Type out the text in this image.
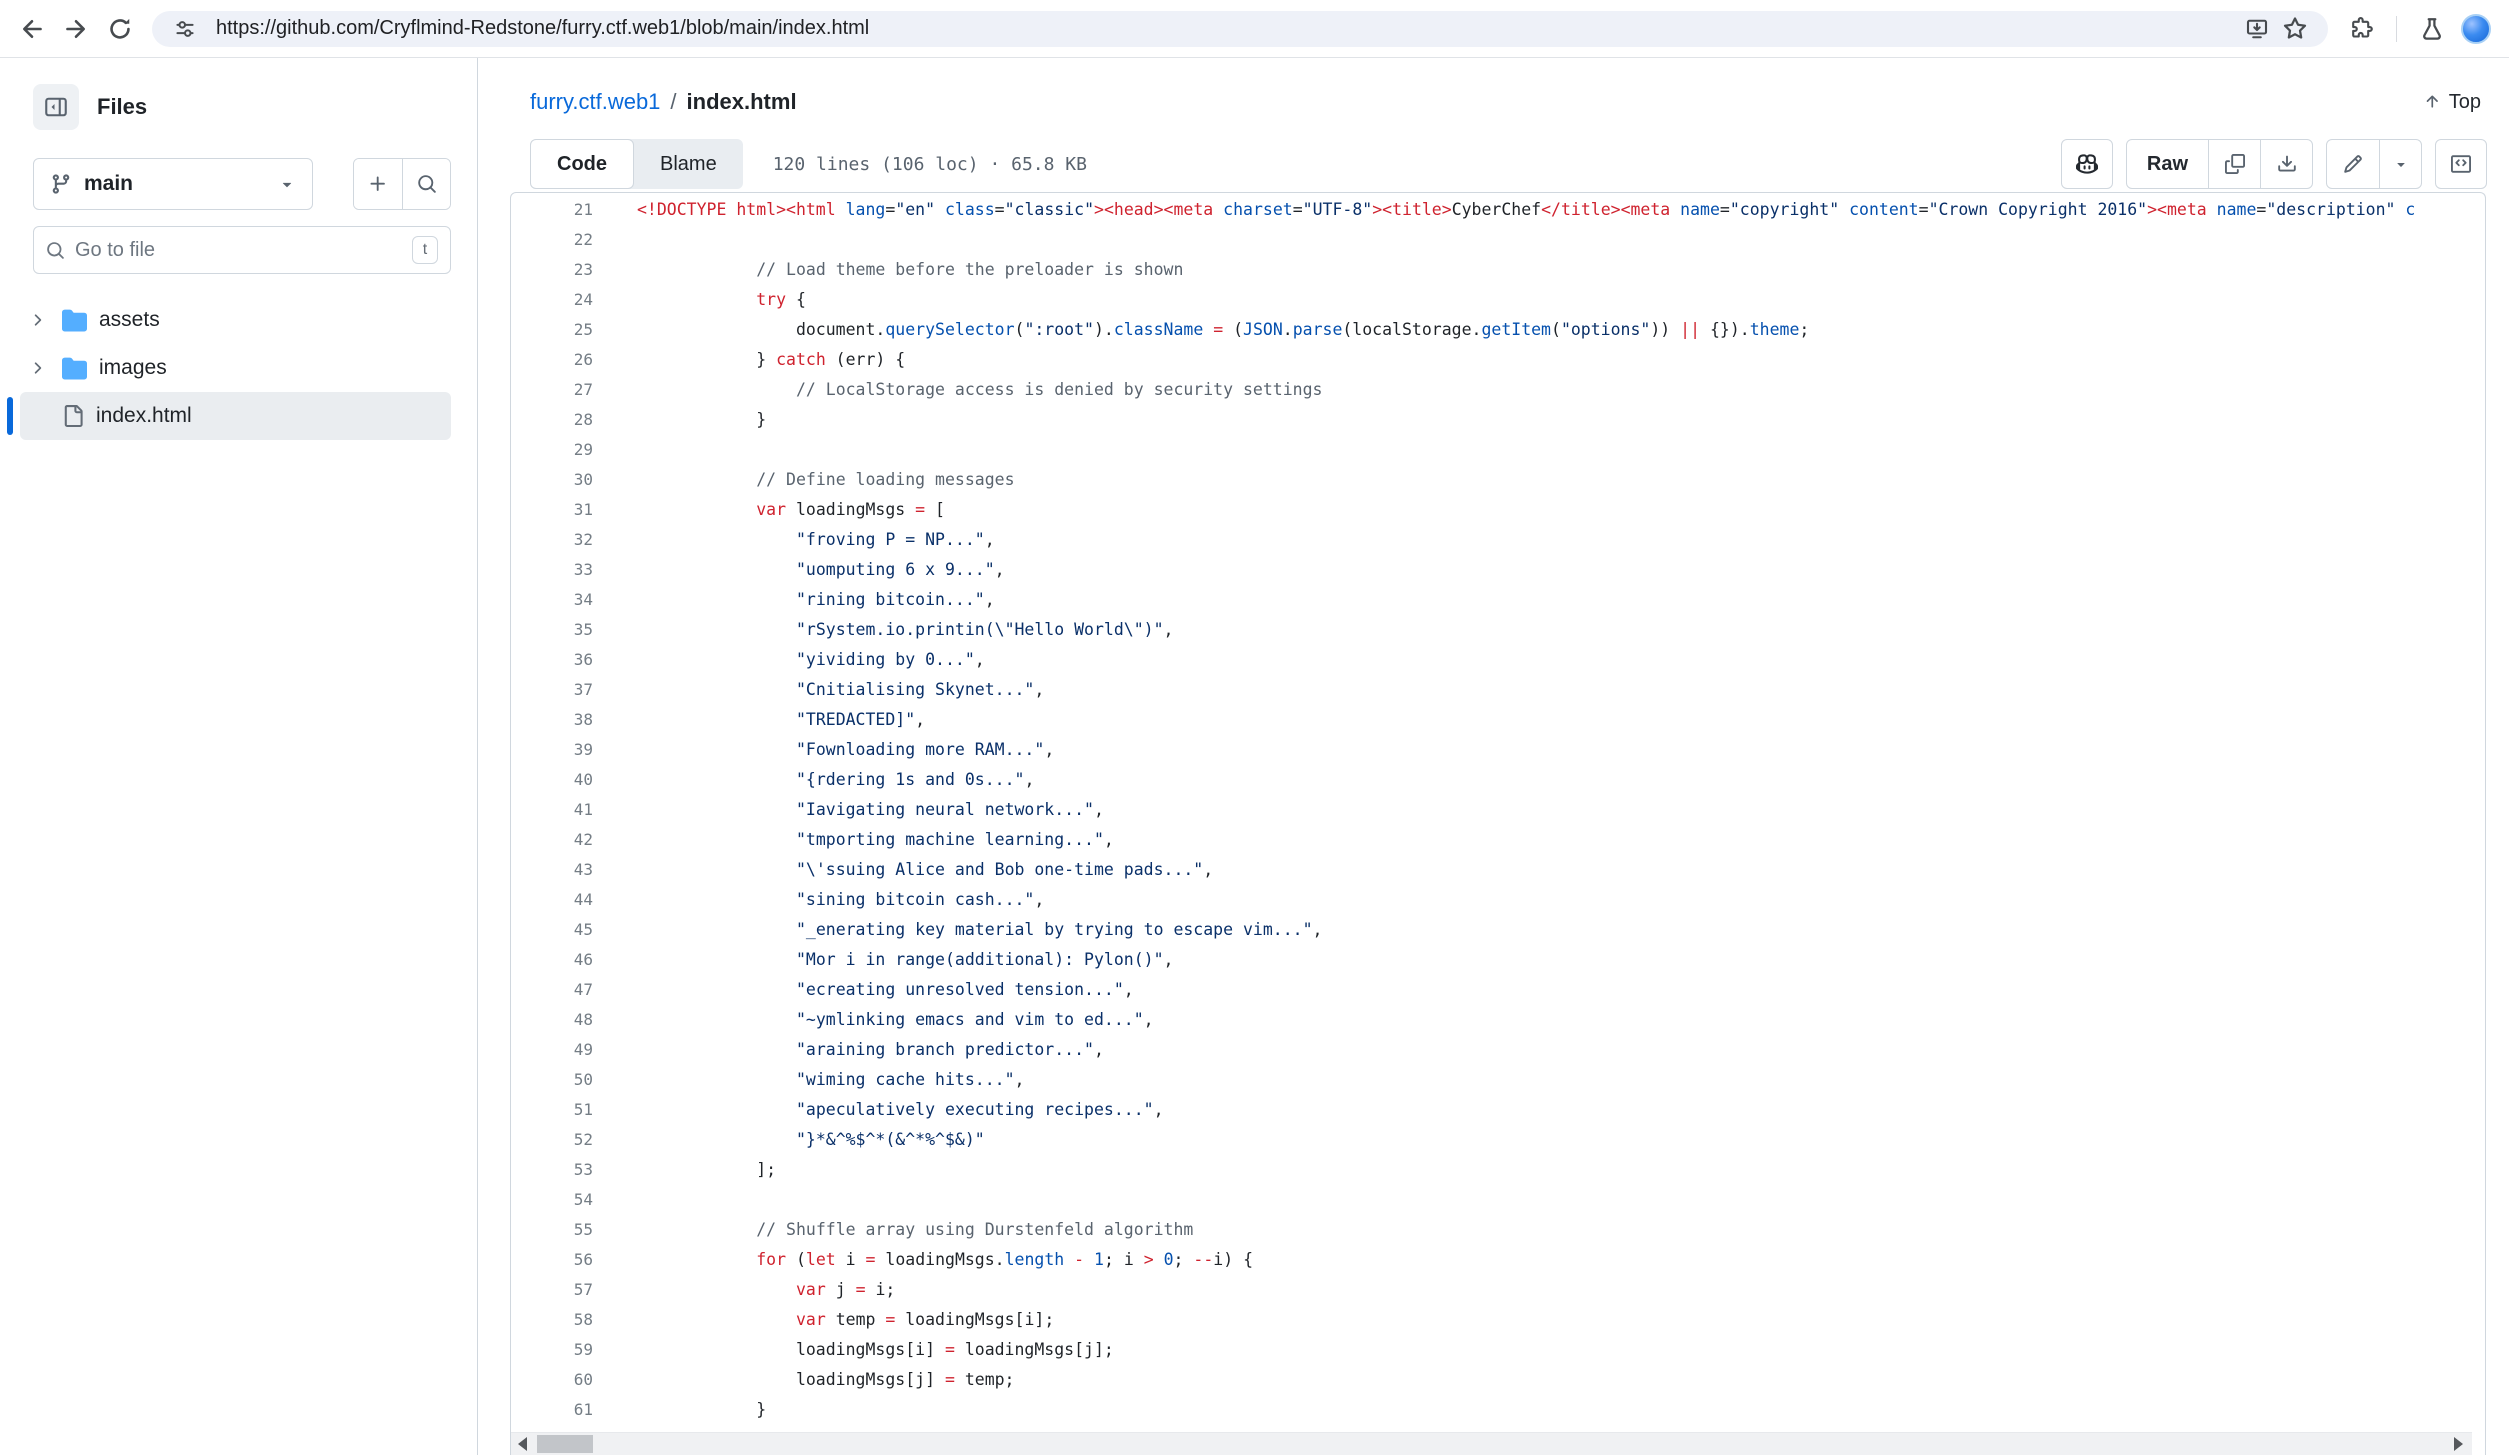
https://github.com/Cryflmind-Redstone/furry.ctf.web1/blob/main/index.html
Files
main
Go to file	t
assets
images
index.html
furry.ctf.web1 / index.html	Top
Code	Blame	120 lines (106 loc) · 65.8 KB	Raw
21	<!DOCTYPE html><html lang="en" class="classic"><head><meta charset="UTF-8"><title>CyberChef</title><meta name="copyright" content="Crown Copyright 2016"><meta name="description" c
22
23	// Load theme before the preloader is shown
24	try {
25	document.querySelector(":root").className = (JSON.parse(localStorage.getItem("options")) || {}).theme;
26	} catch (err) {
27	// LocalStorage access is denied by security settings
28	}
29
30	// Define loading messages
31	var loadingMsgs = [
32	"froving P = NP...",
33	"uomputing 6 x 9...",
34	"rining bitcoin...",
35	"rSystem.io.printin(\"Hello World\")",
36	"yividing by 0...",
37	"Cnitialising Skynet...",
38	"TREDACTED]",
39	"Fownloading more RAM...",
40	"{rdering 1s and 0s...",
41	"Iavigating neural network...",
42	"tmporting machine learning...",
43	"\'ssuing Alice and Bob one-time pads...",
44	"sining bitcoin cash...",
45	"_enerating key material by trying to escape vim...",
46	"Mor i in range(additional): Pylon()",
47	"ecreating unresolved tension...",
48	"~ymlinking emacs and vim to ed...",
49	"araining branch predictor...",
50	"wiming cache hits...",
51	"apeculatively executing recipes...",
52	"}*&^%$^*(&^*%^$&)"
53	];
54
55	// Shuffle array using Durstenfeld algorithm
56	for (let i = loadingMsgs.length - 1; i > 0; --i) {
57	var j = i;
58	var temp = loadingMsgs[i];
59	loadingMsgs[i] = loadingMsgs[j];
60	loadingMsgs[j] = temp;
61	}
